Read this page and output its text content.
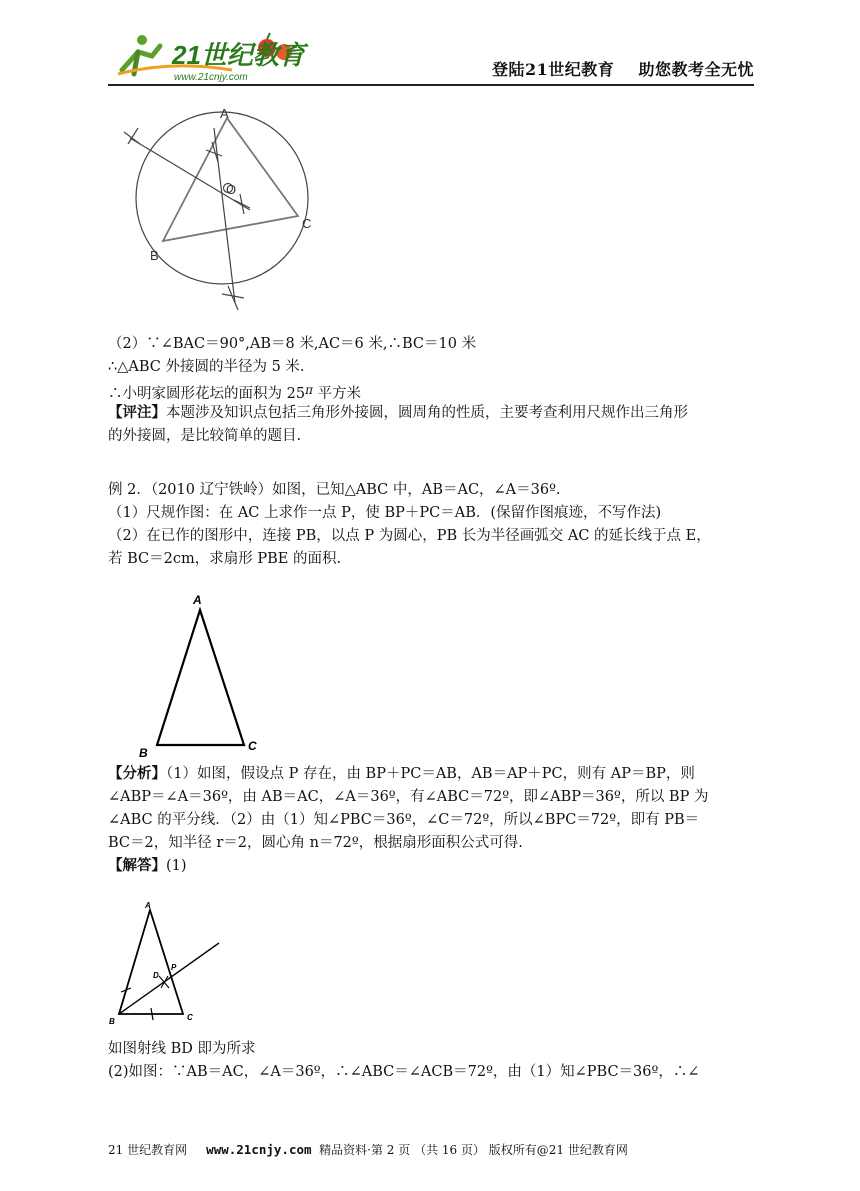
21世纪教育
www.21cnjy.com	登陆21世纪教育    助您教考全无忧
A
B
C
O
（2）∵∠BAC＝90°,AB＝8 米,AC＝6 米,∴BC＝10 米
∴△ABC 外接圆的半径为 5 米.
∴小明家圆形花坛的面积为 $25^\pi$ 平方米
【评注】本题涉及知识点包括三角形外接圆，圆周角的性质，主要考查利用尺规作出三角形
的外接圆，是比较简单的题目.
例 2．（2010 辽宁铁岭）如图，已知△ABC 中，AB＝AC，∠A＝36º.
（1）尺规作图：在 AC 上求作一点 P，使 BP＋PC＝AB．(保留作图痕迹，不写作法)
（2）在已作的图形中，连接 PB，以点 P 为圆心，PB 长为半径画弧交 AC 的延长线于点 E，
若 BC＝2cm，求扇形 PBE 的面积.
A
B	C
【分析】（1）如图，假设点 P 存在，由 BP＋PC＝AB，AB＝AP＋PC，则有 AP＝BP，则
∠ABP＝∠A＝36º，由 AB＝AC，∠A＝36º，有∠ABC＝72º，即∠ABP＝36º，所以 BP 为
∠ABC 的平分线．（2）由（1）知∠PBC＝36º，∠C＝72º，所以∠BPC＝72º，即有 PB＝
BC＝2，知半径 r＝2，圆心角 n＝72º，根据扇形面积公式可得.
【解答】(1)
A
B	C
D
P
如图射线 BD 即为所求
(2)如图：∵AB＝AC，∠A＝36º，∴∠ABC＝∠ACB＝72º，由（1）知∠PBC＝36º，∴∠
21 世纪教育网 www.21cnjy.com 精品资料·第 2 页 （共 16 页） 版权所有@21 世纪教育网
